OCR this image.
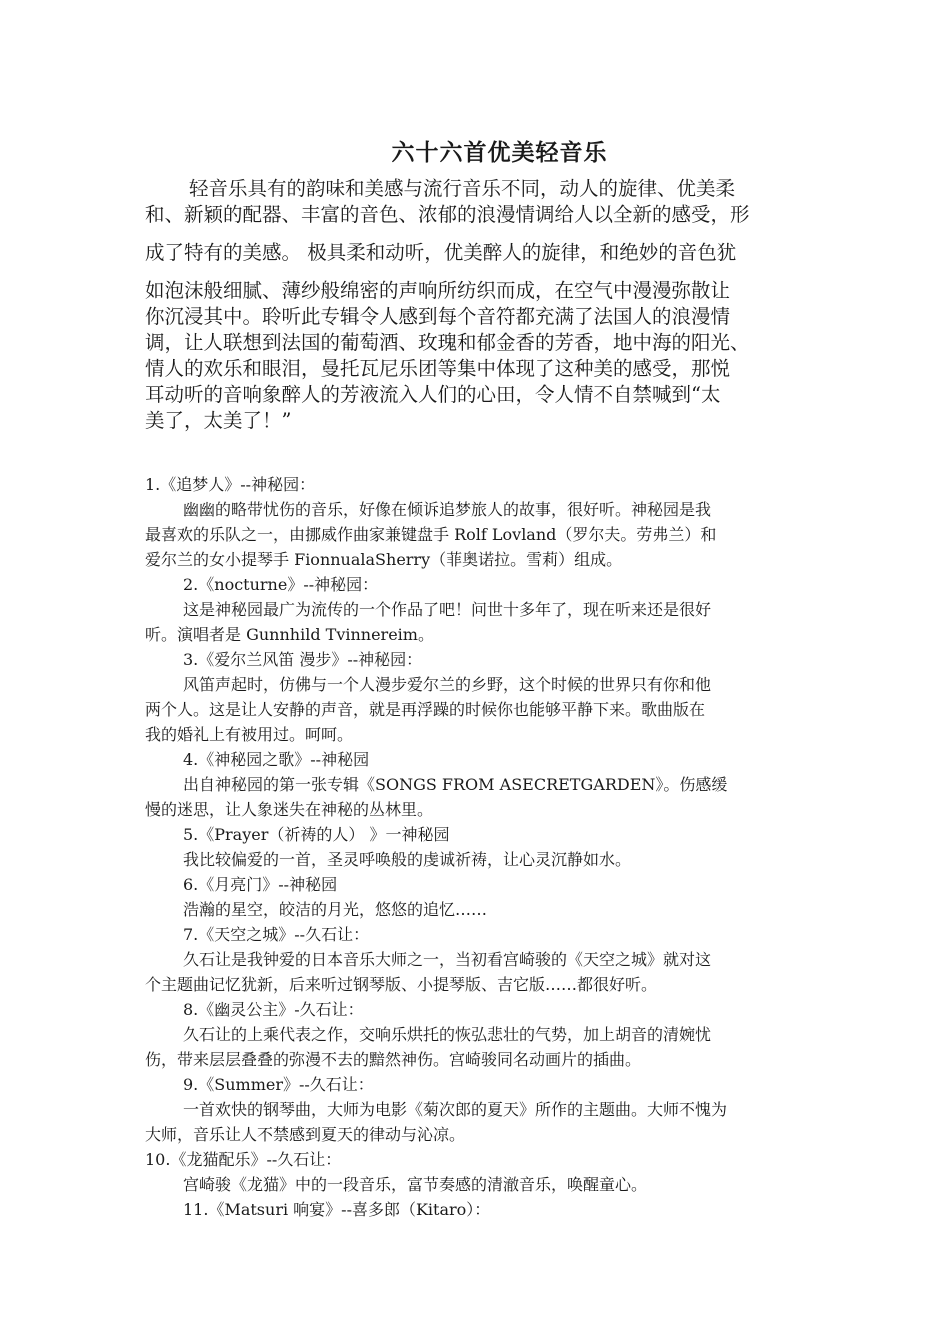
六十六首优美轻音乐
轻音乐具有的韵味和美感与流行音乐不同，动人的旋律、优美柔
和、新颖的配器、丰富的音色、浓郁的浪漫情调给人以全新的感受，形
成了特有的美感。 极具柔和动听，优美醉人的旋律，和绝妙的音色犹
如泡沫般细腻、薄纱般绵密的声响所纺织而成，在空气中漫漫弥散让
你沉浸其中。聆听此专辑令人感到每个音符都充满了法国人的浪漫情
调，让人联想到法国的葡萄酒、玫瑰和郁金香的芳香，地中海的阳光、
情人的欢乐和眼泪，曼托瓦尼乐团等集中体现了这种美的感受，那悦
耳动听的音响象醉人的芳液流入人们的心田，令人情不自禁喊到“太
美了，太美了！”
1.《追梦人》--神秘园：
幽幽的略带忧伤的音乐，好像在倾诉追梦旅人的故事，很好听。神秘园是我
最喜欢的乐队之一，由挪威作曲家兼键盘手 Rolf Lovland（罗尔夫。劳弗兰）和
爱尔兰的女小提琴手 FionnualaSherry（菲奥诺拉。雪莉）组成。
2.《nocturne》--神秘园：
这是神秘园最广为流传的一个作品了吧！问世十多年了，现在听来还是很好
听。演唱者是 Gunnhild Tvinnereim。
3.《爱尔兰风笛 漫步》--神秘园：
风笛声起时，仿佛与一个人漫步爱尔兰的乡野，这个时候的世界只有你和他
两个人。这是让人安静的声音，就是再浮躁的时候你也能够平静下来。歌曲版在
我的婚礼上有被用过。呵呵。
4.《神秘园之歌》--神秘园
出自神秘园的第一张专辑《SONGS FROM ASECRETGARDEN》。伤感缓
慢的迷思，让人象迷失在神秘的丛林里。
5.《Prayer（祈祷的人） 》一神秘园
我比较偏爱的一首，圣灵呼唤般的虔诚祈祷，让心灵沉静如水。
6.《月亮门》--神秘园
浩瀚的星空，皎洁的月光，悠悠的追忆……
7.《天空之城》--久石让：
久石让是我钟爱的日本音乐大师之一，当初看宫崎骏的《天空之城》就对这
个主题曲记忆犹新，后来听过钢琴版、小提琴版、吉它版……都很好听。
8.《幽灵公主》-久石让：
久石让的上乘代表之作，交响乐烘托的恢弘悲壮的气势，加上胡音的清婉忧
伤，带来层层叠叠的弥漫不去的黯然神伤。宫崎骏同名动画片的插曲。
9.《Summer》--久石让：
一首欢快的钢琴曲，大师为电影《菊次郎的夏天》所作的主题曲。大师不愧为
大师，音乐让人不禁感到夏天的律动与沁凉。
10.《龙猫配乐》--久石让：
宫崎骏《龙猫》中的一段音乐，富节奏感的清澈音乐，唤醒童心。
11.《Matsuri 响宴》--喜多郎（Kitaro）：
